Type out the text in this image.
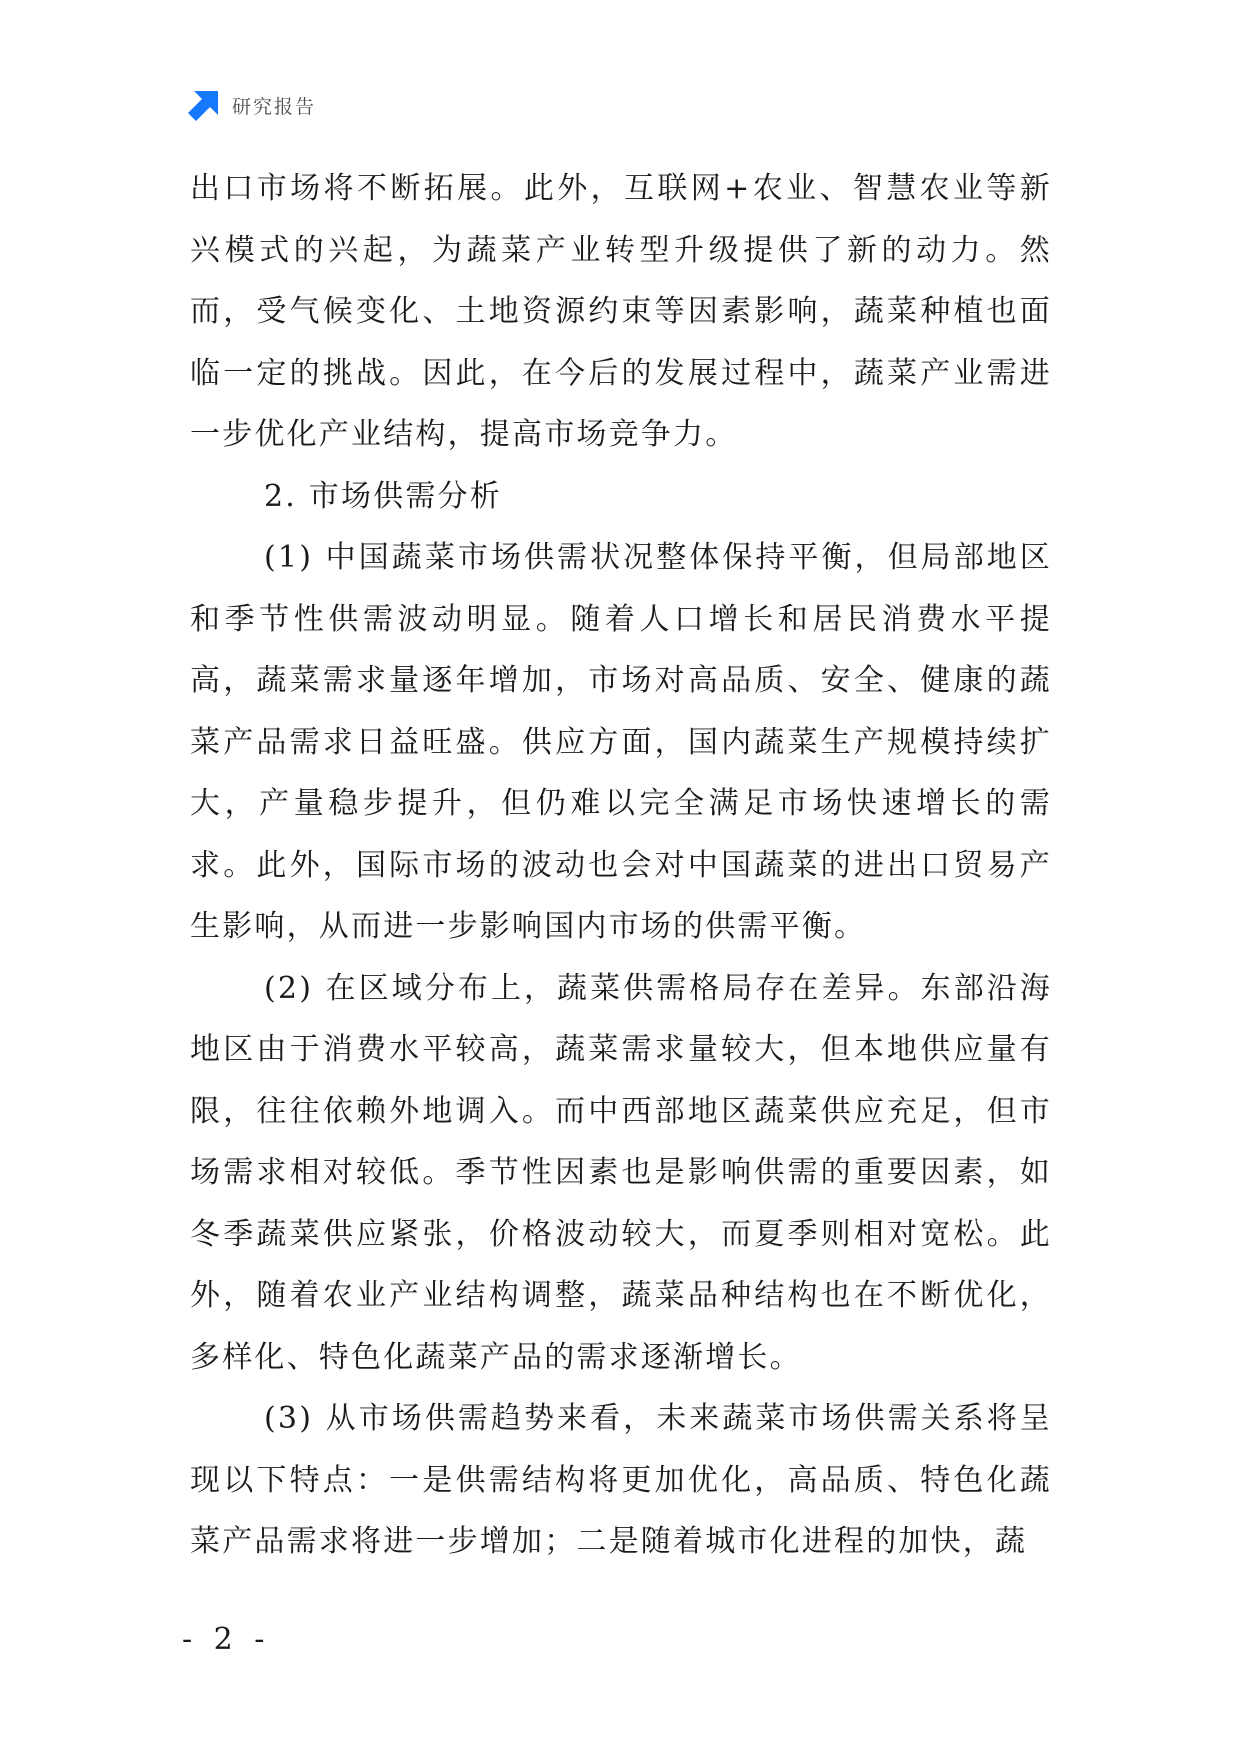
研究报告

出口市场将不断拓展。此外，互联网+农业、智慧农业等新兴模式的兴起，为蔬菜产业转型升级提供了新的动力。然而，受气候变化、土地资源约束等因素影响，蔬菜种植也面临一定的挑战。因此，在今后的发展过程中，蔬菜产业需进一步优化产业结构，提高市场竞争力。

2. 市场供需分析

(1) 中国蔬菜市场供需状况整体保持平衡，但局部地区和季节性供需波动明显。随着人口增长和居民消费水平提高，蔬菜需求量逐年增加，市场对高品质、安全、健康的蔬菜产品需求日益旺盛。供应方面，国内蔬菜生产规模持续扩大，产量稳步提升，但仍难以完全满足市场快速增长的需求。此外，国际市场的波动也会对中国蔬菜的进出口贸易产生影响，从而进一步影响国内市场的供需平衡。

(2) 在区域分布上，蔬菜供需格局存在差异。东部沿海地区由于消费水平较高，蔬菜需求量较大，但本地供应量有限，往往依赖外地调入。而中西部地区蔬菜供应充足，但市场需求相对较低。季节性因素也是影响供需的重要因素，如冬季蔬菜供应紧张，价格波动较大，而夏季则相对宽松。此外，随着农业产业结构调整，蔬菜品种结构也在不断优化，多样化、特色化蔬菜产品的需求逐渐增长。

(3) 从市场供需趋势来看，未来蔬菜市场供需关系将呈现以下特点：一是供需结构将更加优化，高品质、特色化蔬菜产品需求将进一步增加；二是随着城市化进程的加快，蔬

- 2 -
